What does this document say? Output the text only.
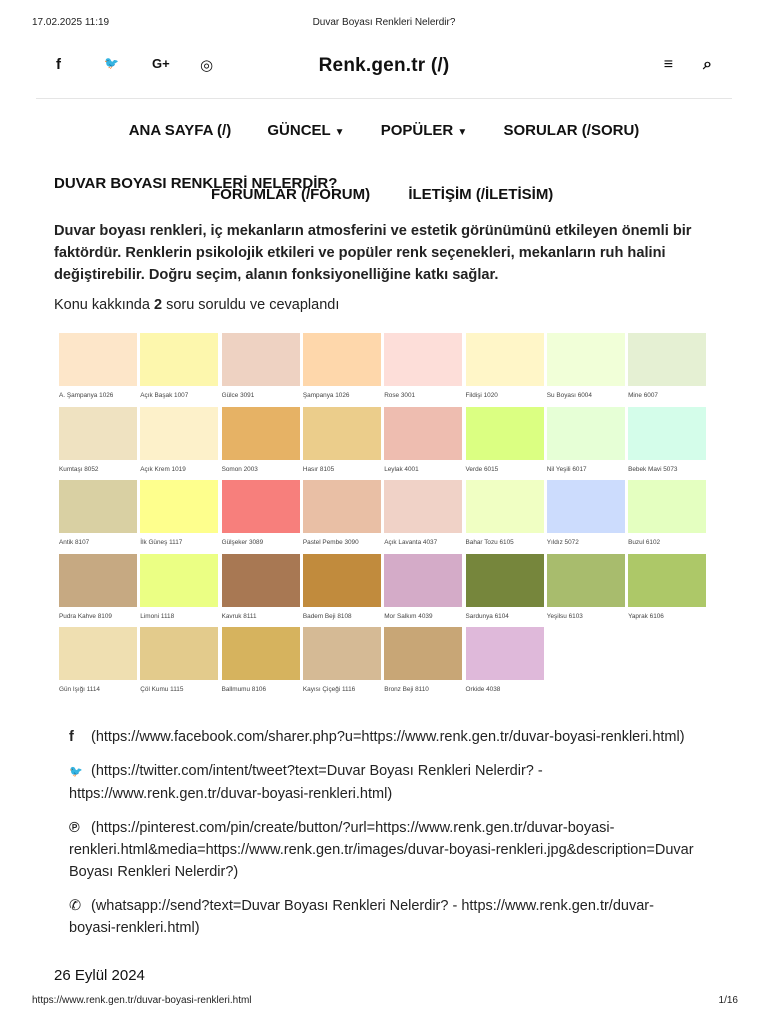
17.02.2025 11:19	Duvar Boyası Renkleri Nelerdir?
f	🐦	G+	◎	Renk.gen.tr (/)	≡ ⌕
ANA SAYFA (/) GÜNCEL ▼ POPÜLER ▼ SORULAR (/SORU)
DUVAR BOYASI RENKLERİ NELERDİR?
FORUMLAR (/FORUM)	İLETİŞİM (/İLETİSİM)
Duvar boyası renkleri, iç mekanların atmosferini ve estetik görünümünü etkileyen önemli bir faktördür. Renklerin psikolojik etkileri ve popüler renk seçenekleri, mekanların ruh halini değiştirebilir. Doğru seçim, alanın fonksiyonelliğine katkı sağlar.
Konu kakkında 2 soru soruldu ve cevaplandı
A. Şampanya 1026	Açık Başak 1007	Gülce 3091	Şampanya 1026	Rose 3001	Fildişi 1020	Su Boyası 6004	Mine 6007
Kumtaşı 8052	Açık Krem 1019	Somon 2003	Hasır 8105	Leylak 4001	Verde 6015	Nil Yeşili 6017	Bebek Mavi 5073
Antik 8107	İlk Güneş 1117	Gülşeker 3089	Pastel Pembe 3090	Açık Lavanta 4037	Bahar Tozu 6105	Yıldız 5072	Buzul 6102
Pudra Kahve 8109	Limoni 1118	Kavruk 8111	Badem Beji 8108	Mor Salkım 4039	Sardunya 6104	Yeşilsu 6103	Yaprak 6106
Gün Işığı 1114	Çöl Kumu 1115	Ballmumu 8106	Kayısı Çiçeği 1116	Bronz Beji 8110	Orkide 4038
f (https://www.facebook.com/sharer.php?u=https://www.renk.gen.tr/duvar-boyasi-renkleri.html)
🐦 (https://twitter.com/intent/tweet?text=Duvar Boyası Renkleri Nelerdir? - https://www.renk.gen.tr/duvar-boyasi-renkleri.html)
℗ (https://pinterest.com/pin/create/button/?url=https://www.renk.gen.tr/duvar-boyasi-renkleri.html&media=https://www.renk.gen.tr/images/duvar-boyasi-renkleri.jpg&description=Duvar Boyası Renkleri Nelerdir?)
✆ (whatsapp://send?text=Duvar Boyası Renkleri Nelerdir? - https://www.renk.gen.tr/duvar-boyasi-renkleri.html)
26 Eylül 2024
https://www.renk.gen.tr/duvar-boyasi-renkleri.html	1/16
